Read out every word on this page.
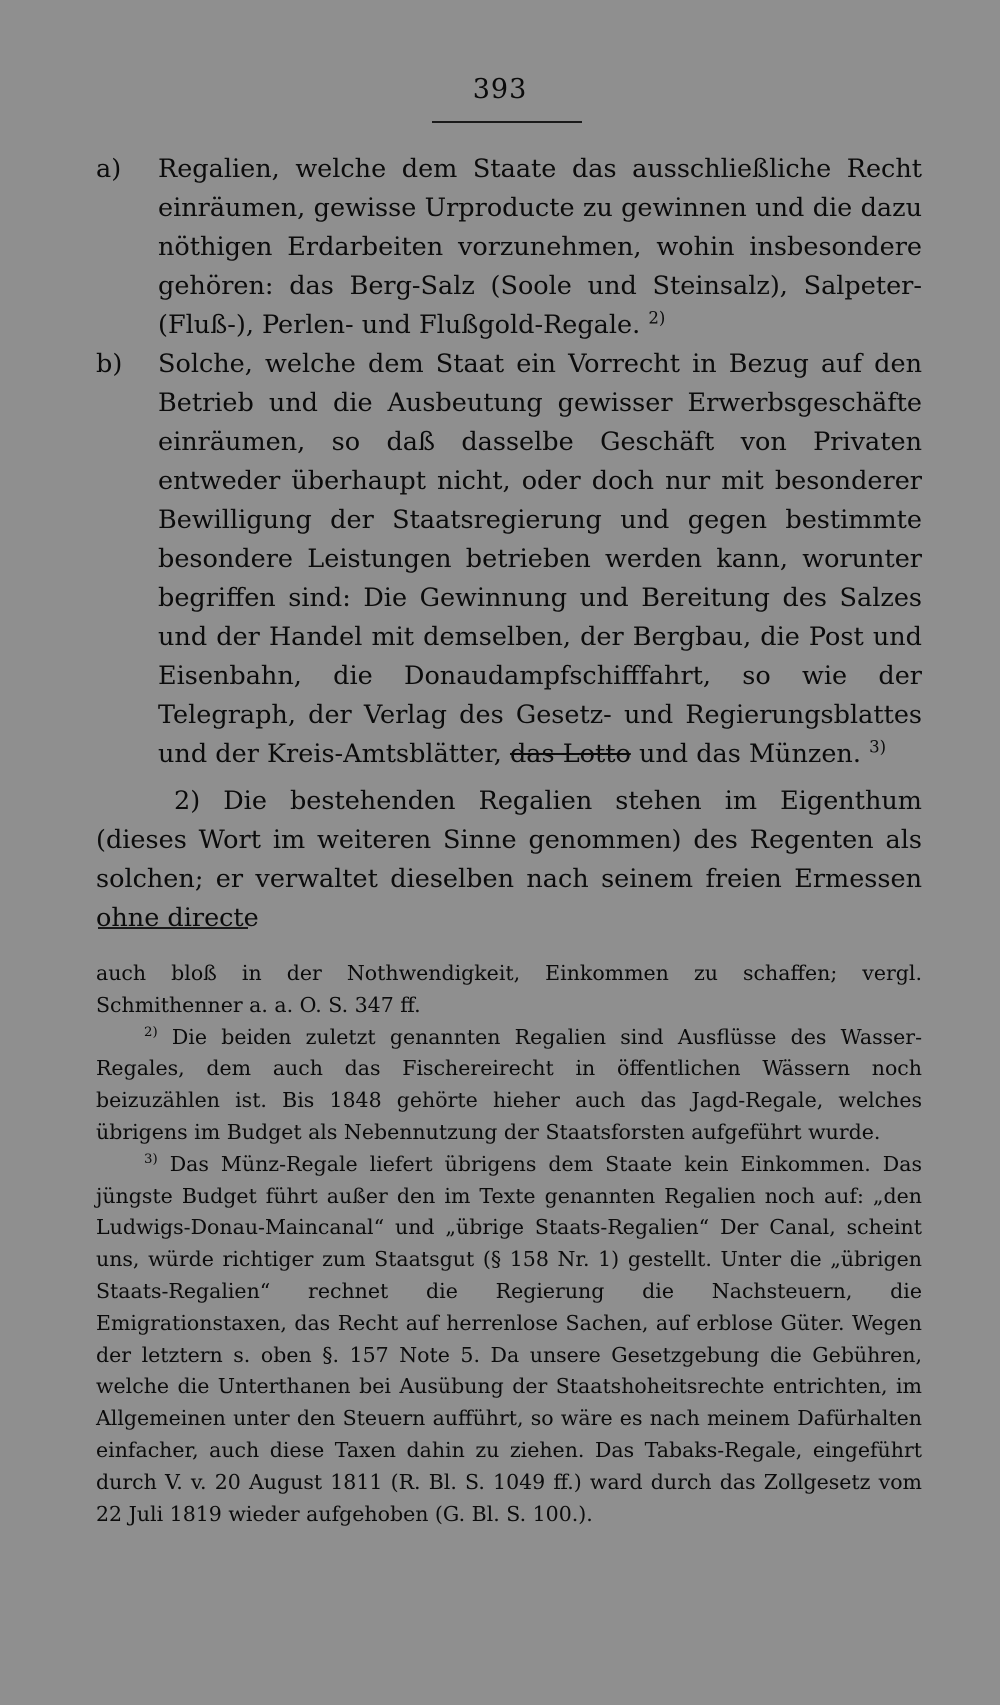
393
a)	Regalien, welche dem Staate das ausschließliche Recht einräumen, gewisse Urproducte zu gewinnen und die dazu nöthigen Erdarbeiten vorzunehmen, wohin insbesondere gehören: das Berg-Salz (Soole und Steinsalz), Salpeter- (Fluß-), Perlen- und Flußgold-Regale. $^{2)}$
b)	Solche, welche dem Staat ein Vorrecht in Bezug auf den Betrieb und die Ausbeutung gewisser Erwerbsgeschäfte einräumen, so daß dasselbe Geschäft von Privaten entweder überhaupt nicht, oder doch nur mit besonderer Bewilligung der Staatsregierung und gegen bestimmte besondere Leistungen betrieben werden kann, worunter begriffen sind: Die Gewinnung und Bereitung des Salzes und der Handel mit demselben, der Bergbau, die Post und Eisenbahn, die Donaudampfschifffahrt, so wie der Telegraph, der Verlag des Gesetz- und Regierungsblattes und der Kreis-Amtsblätter, das Lotto und das Münzen. $^{3)}$
2) Die bestehenden Regalien stehen im Eigenthum (dieses Wort im weiteren Sinne genommen) des Regenten als solchen; er verwaltet dieselben nach seinem freien Ermessen ohne directe
auch bloß in der Nothwendigkeit, Einkommen zu schaffen; vergl. Schmithenner a. a. O. S. 347 ff.
$^{2)}$ Die beiden zuletzt genannten Regalien sind Ausflüsse des Wasser-Regales, dem auch das Fischereirecht in öffentlichen Wässern noch beizuzählen ist. Bis 1848 gehörte hieher auch das Jagd-Regale, welches übrigens im Budget als Nebennutzung der Staatsforsten aufgeführt wurde.
$^{3)}$ Das Münz-Regale liefert übrigens dem Staate kein Einkommen. Das jüngste Budget führt außer den im Texte genannten Regalien noch auf: „den Ludwigs-Donau-Maincanal“ und „übrige Staats-Regalien“ Der Canal, scheint uns, würde richtiger zum Staatsgut (§ 158 Nr. 1) gestellt. Unter die „übrigen Staats-Regalien“ rechnet die Regierung die Nachsteuern, die Emigrationstaxen, das Recht auf herrenlose Sachen, auf erblose Güter. Wegen der letztern s. oben §. 157 Note 5. Da unsere Gesetzgebung die Gebühren, welche die Unterthanen bei Ausübung der Staatshoheitsrechte entrichten, im Allgemeinen unter den Steuern aufführt, so wäre es nach meinem Dafürhalten einfacher, auch diese Taxen dahin zu ziehen. Das Tabaks-Regale, eingeführt durch V. v. 20 August 1811 (R. Bl. S. 1049 ff.) ward durch das Zollgesetz vom 22 Juli 1819 wieder aufgehoben (G. Bl. S. 100.).
